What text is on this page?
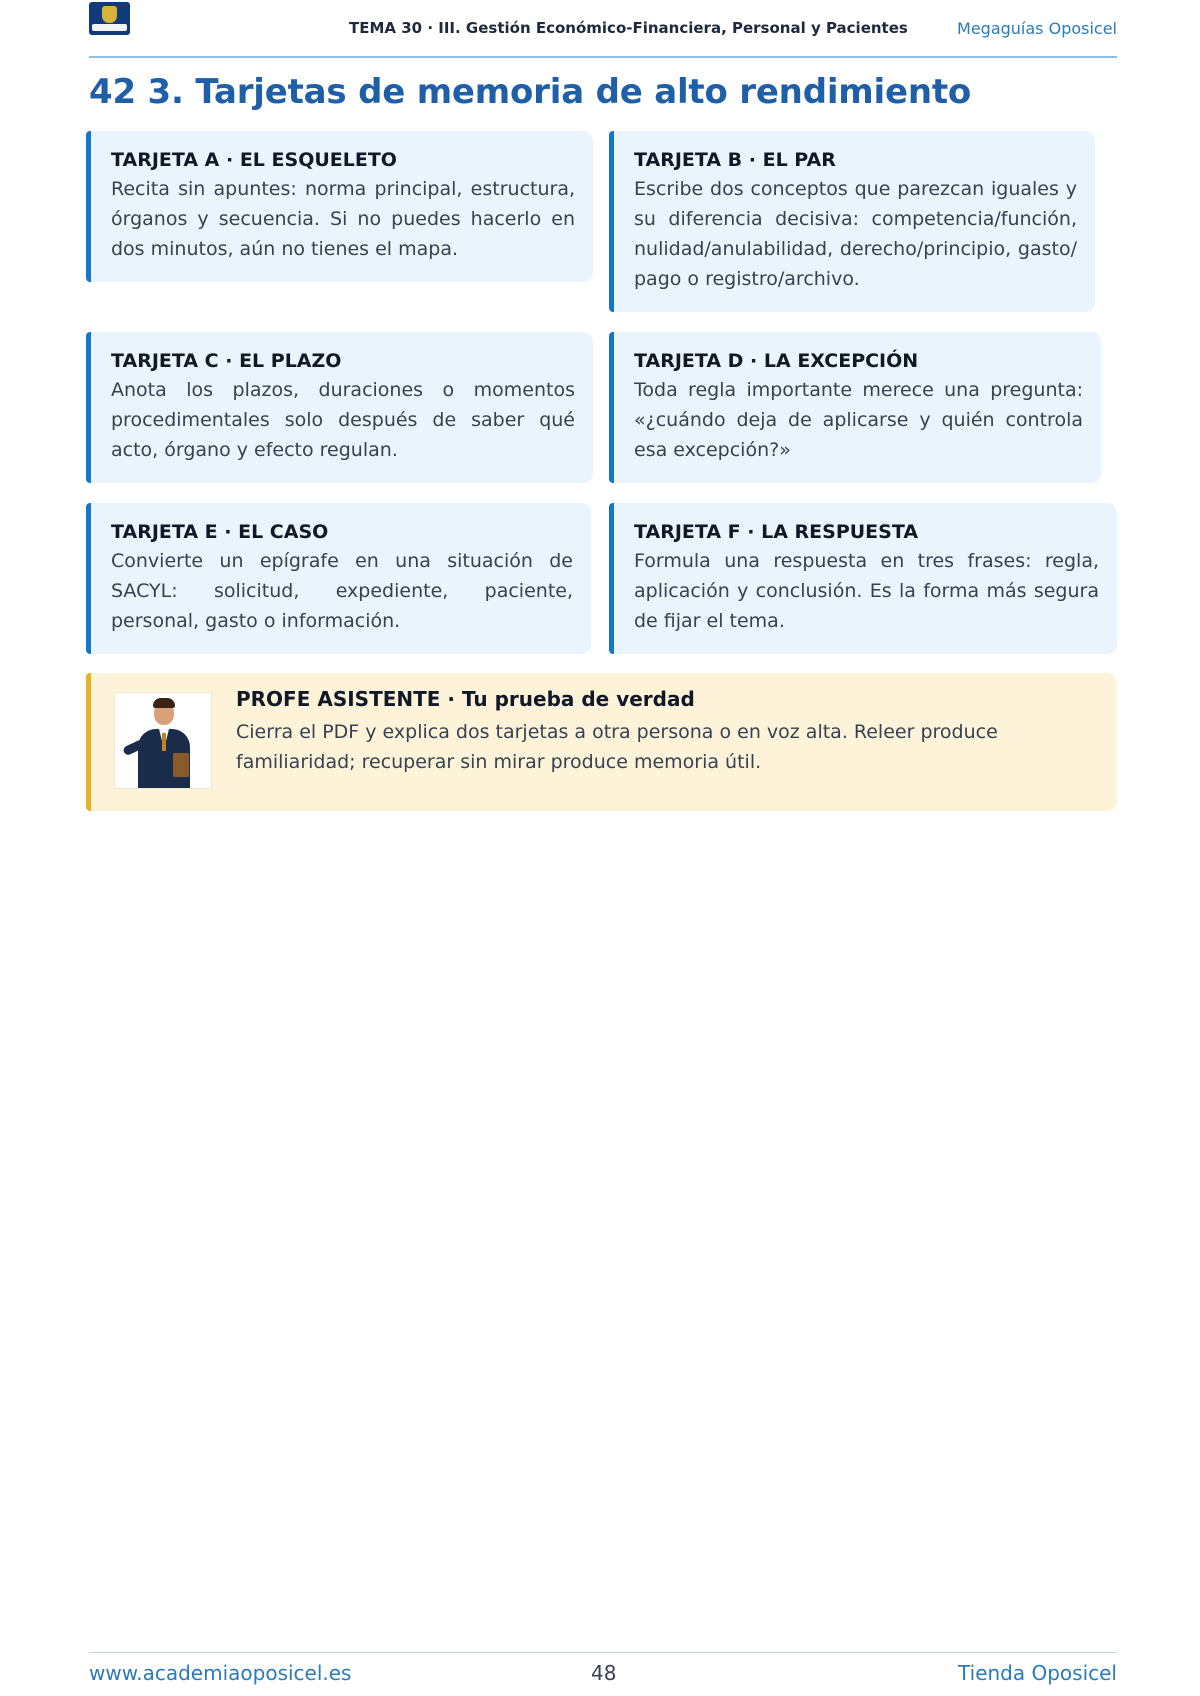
TEMA 30 · III. Gestión Económico-Financiera, Personal y Pacientes	Megaguías Oposicel
42 3. Tarjetas de memoria de alto rendimiento
TARJETA A · EL ESQUELETO
Recita sin apuntes: norma principal, estructura, órganos y secuencia. Si no puedes hacerlo en dos minutos, aún no tienes el mapa.
TARJETA B · EL PAR
Escribe dos conceptos que parezcan iguales y su diferencia decisiva: competencia/función, nulidad/anulabilidad, derecho/principio, gasto/ pago o registro/archivo.
TARJETA C · EL PLAZO
Anota los plazos, duraciones o momentos procedimentales solo después de saber qué acto, órgano y efecto regulan.
TARJETA D · LA EXCEPCIÓN
Toda regla importante merece una pregunta: «¿cuándo deja de aplicarse y quién controla esa excepción?»
TARJETA E · EL CASO
Convierte un epígrafe en una situación de SACYL: solicitud, expediente, paciente, personal, gasto o información.
TARJETA F · LA RESPUESTA
Formula una respuesta en tres frases: regla, aplicación y conclusión. Es la forma más segura de fijar el tema.
PROFE ASISTENTE · Tu prueba de verdad
Cierra el PDF y explica dos tarjetas a otra persona o en voz alta. Releer produce familiaridad; recuperar sin mirar produce memoria útil.
www.academiaoposicel.es	48	Tienda Oposicel
